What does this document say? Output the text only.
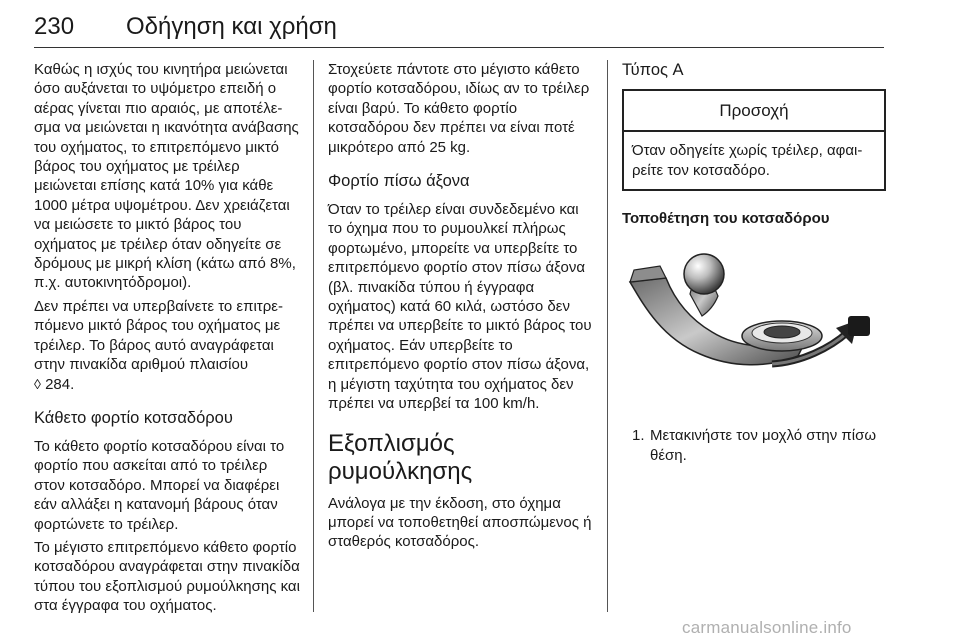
230 Οδήγηση και χρήση

Καθώς η ισχύς του κινητήρα μειώνεται όσο αυξάνεται το υψόμετρο επειδή ο αέρας γίνεται πιο αραιός, με αποτέλεσμα να μειώνεται η ικανότητα ανάβασης του οχήματος, το επιτρεπόμενο μικτό βάρος του οχήματος με τρέιλερ μειώνεται επίσης κατά 10% για κάθε 1000 μέτρα υψομέτρου. Δεν χρειάζεται να μειώσετε το μικτό βάρος του οχήματος με τρέιλερ όταν οδηγείτε σε δρόμους με μικρή κλίση (κάτω από 8%, π.χ. αυτοκινητόδρομοι).

Δεν πρέπει να υπερβαίνετε το επιτρεπόμενο μικτό βάρος του οχήματος με τρέιλερ. Το βάρος αυτό αναγράφεται στην πινακίδα αριθμού πλαισίου
◊ 284.

Κάθετο φορτίο κοτσαδόρου

Το κάθετο φορτίο κοτσαδόρου είναι το φορτίο που ασκείται από το τρέιλερ στον κοτσαδόρο. Μπορεί να διαφέρει εάν αλλάξει η κατανομή βάρους όταν φορτώνετε το τρέιλερ.

Το μέγιστο επιτρεπόμενο κάθετο φορτίο κοτσαδόρου αναγράφεται στην πινακίδα τύπου του εξοπλισμού ρυμούλκησης και στα έγγραφα του οχήματος.

Στοχεύετε πάντοτε στο μέγιστο κάθετο φορτίο κοτσαδόρου, ιδίως αν το τρέιλερ είναι βαρύ. Το κάθετο φορτίο κοτσαδόρου δεν πρέπει να είναι ποτέ μικρότερο από 25 kg.

Φορτίο πίσω άξονα

Όταν το τρέιλερ είναι συνδεδεμένο και το όχημα που το ρυμουλκεί πλήρως φορτωμένο, μπορείτε να υπερβείτε το επιτρεπόμενο φορτίο στον πίσω άξονα (βλ. πινακίδα τύπου ή έγγραφα οχήματος) κατά 60 κιλά, ωστόσο δεν πρέπει να υπερβείτε το μικτό βάρος του οχήματος. Εάν υπερβείτε το επιτρεπόμενο φορτίο στον πίσω άξονα, η μέγιστη ταχύτητα του οχήματος δεν πρέπει να υπερβεί τα 100 km/h.

Εξοπλισμός ρυμούλκησης

Ανάλογα με την έκδοση, στο όχημα μπορεί να τοποθετηθεί αποσπώμενος ή σταθερός κοτσαδόρος.

Τύπος A
Προσοχή
Όταν οδηγείτε χωρίς τρέιλερ, αφαιρείτε τον κοτσαδόρο.
Τοποθέτηση του κοτσαδόρου
1. Μετακινήστε τον μοχλό στην πίσω θέση.
carmanualsonline.info
